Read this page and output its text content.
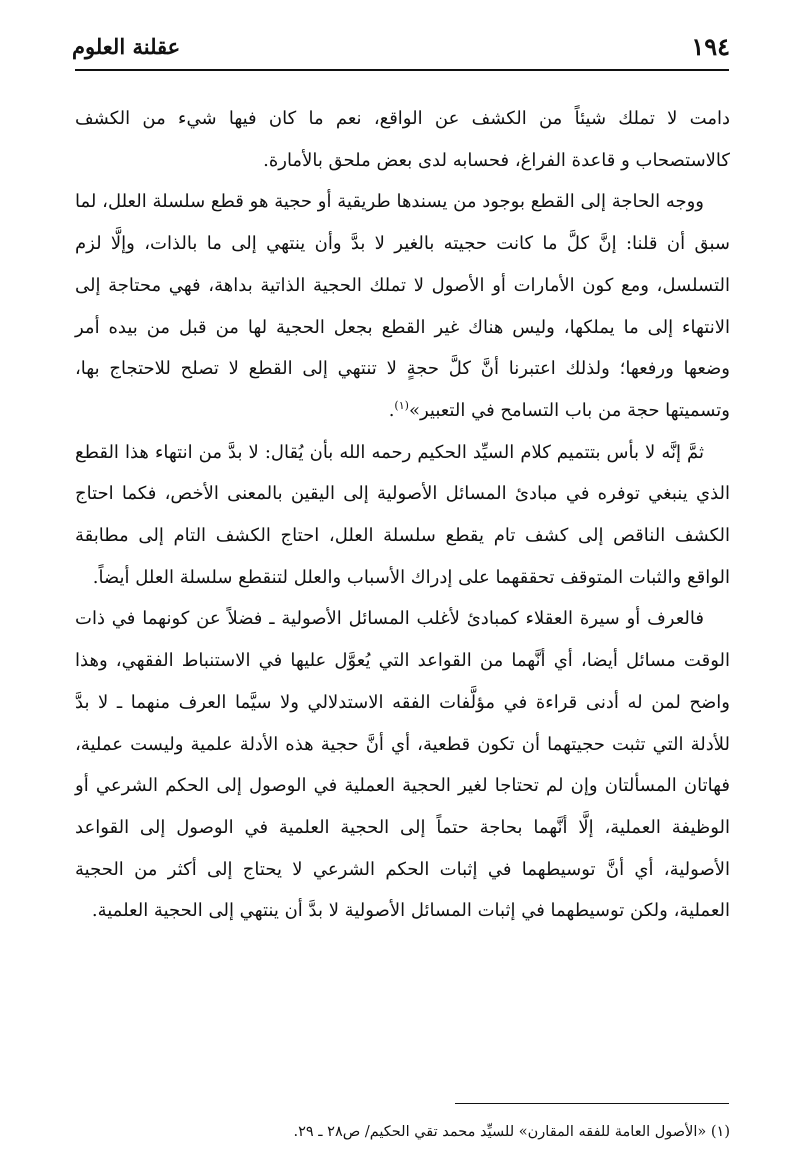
١٩٤
عقلنة العلوم

دامت لا تملك شيئاً من الكشف عن الواقع، نعم ما كان فيها شيء من الكشف كالاستصحاب و قاعدة الفراغ، فحسابه لدى بعض ملحق بالأمارة.

ووجه الحاجة إلى القطع بوجود من يسندها طريقية أو حجية هو قطع سلسلة العلل، لما سبق أن قلنا: إنَّ كلَّ ما كانت حجيته بالغير لا بدَّ وأن ينتهي إلى ما بالذات، وإلَّا لزم التسلسل، ومع كون الأمارات أو الأصول لا تملك الحجية الذاتية بداهة، فهي محتاجة إلى الانتهاء إلى ما يملكها، وليس هناك غير القطع بجعل الحجية لها من قبل من بيده أمر وضعها ورفعها؛ ولذلك اعتبرنا أنَّ كلَّ حجةٍ لا تنتهي إلى القطع لا تصلح للاحتجاج بها، وتسميتها حجة من باب التسامح في التعبير»$^{(١)}$.

ثمَّ إنَّه لا بأس بتتميم كلام السيِّد الحكيم رحمه الله بأن يُقال: لا بدَّ من انتهاء هذا القطع الذي ينبغي توفره في مبادئ المسائل الأصولية إلى اليقين بالمعنى الأخص، فكما احتاج الكشف الناقص إلى كشف تام يقطع سلسلة العلل، احتاج الكشف التام إلى مطابقة الواقع والثبات المتوقف تحققهما على إدراك الأسباب والعلل لتنقطع سلسلة العلل أيضاً.

فالعرف أو سيرة العقلاء كمبادئ لأغلب المسائل الأصولية ـ فضلاً عن كونهما في ذات الوقت مسائل أيضا، أي أنَّهما من القواعد التي يُعوَّل عليها في الاستنباط الفقهي، وهذا واضح لمن له أدنى قراءة في مؤلَّفات الفقه الاستدلالي ولا سيَّما العرف منهما ـ لا بدَّ للأدلة التي تثبت حجيتهما أن تكون قطعية، أي أنَّ حجية هذه الأدلة علمية وليست عملية، فهاتان المسألتان وإن لم تحتاجا لغير الحجية العملية في الوصول إلى الحكم الشرعي أو الوظيفة العملية، إلَّا أنَّهما بحاجة حتماً إلى الحجية العلمية في الوصول إلى القواعد الأصولية، أي أنَّ توسيطهما في إثبات الحكم الشرعي لا يحتاج إلى أكثر من الحجية العملية، ولكن توسيطهما في إثبات المسائل الأصولية لا بدَّ أن ينتهي إلى الحجية العلمية.

(١) «الأصول العامة للفقه المقارن» للسيِّد محمد تقي الحكيم/ ص٢٨ ـ ٢٩.
